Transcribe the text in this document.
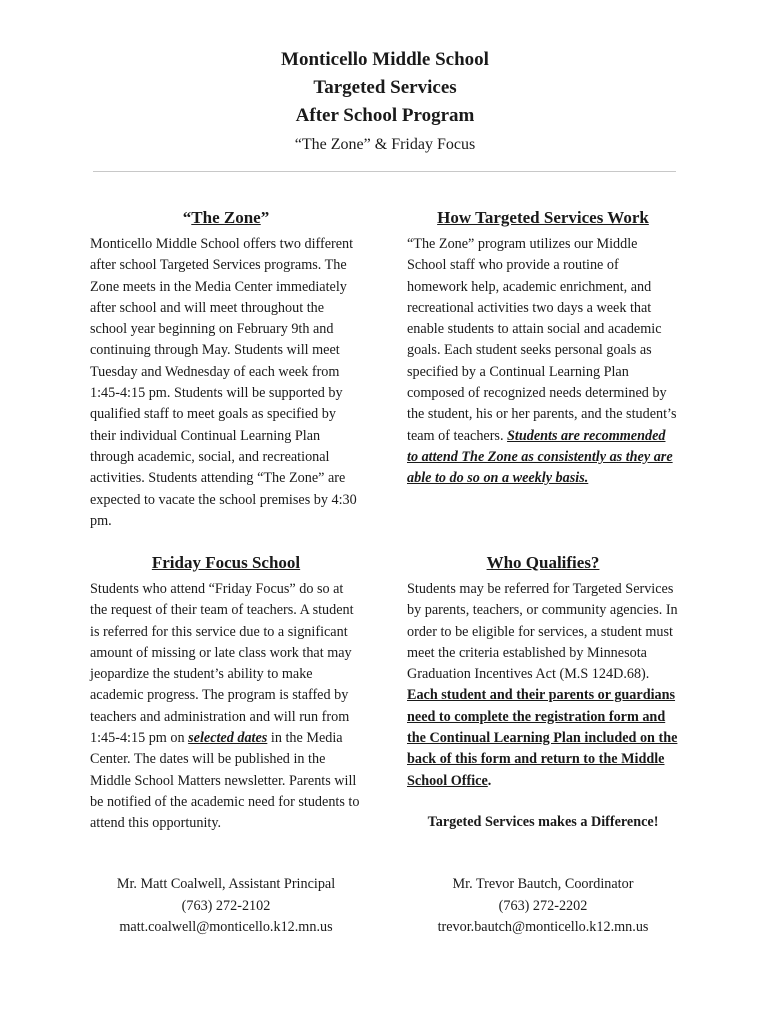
Monticello Middle School
Targeted Services
After School Program
“The Zone” & Friday Focus
“The Zone”

Monticello Middle School offers two different after school Targeted Services programs. The Zone meets in the Media Center immediately after school and will meet throughout the school year beginning on February 9th and continuing through May. Students will meet Tuesday and Wednesday of each week from 1:45-4:15 pm. Students will be supported by qualified staff to meet goals as specified by their individual Continual Learning Plan through academic, social, and recreational activities. Students attending “The Zone” are expected to vacate the school premises by 4:30 pm.

How Targeted Services Work

“The Zone” program utilizes our Middle School staff who provide a routine of homework help, academic enrichment, and recreational activities two days a week that enable students to attain social and academic goals. Each student seeks personal goals as specified by a Continual Learning Plan composed of recognized needs determined by the student, his or her parents, and the student’s team of teachers. Students are recommended to attend The Zone as consistently as they are able to do so on a weekly basis.

Friday Focus School

Students who attend “Friday Focus” do so at the request of their team of teachers. A student is referred for this service due to a significant amount of missing or late class work that may jeopardize the student’s ability to make academic progress. The program is staffed by teachers and administration and will run from 1:45-4:15 pm on selected dates in the Media Center. The dates will be published in the Middle School Matters newsletter. Parents will be notified of the academic need for students to attend this opportunity.

Who Qualifies?

Students may be referred for Targeted Services by parents, teachers, or community agencies. In order to be eligible for services, a student must meet the criteria established by Minnesota Graduation Incentives Act (M.S 124D.68). Each student and their parents or guardians need to complete the registration form and the Continual Learning Plan included on the back of this form and return to the Middle School Office.

Targeted Services makes a Difference!
Mr. Matt Coalwell, Assistant Principal
(763) 272-2102
matt.coalwell@monticello.k12.mn.us
Mr. Trevor Bautch, Coordinator
(763) 272-2202
trevor.bautch@monticello.k12.mn.us
